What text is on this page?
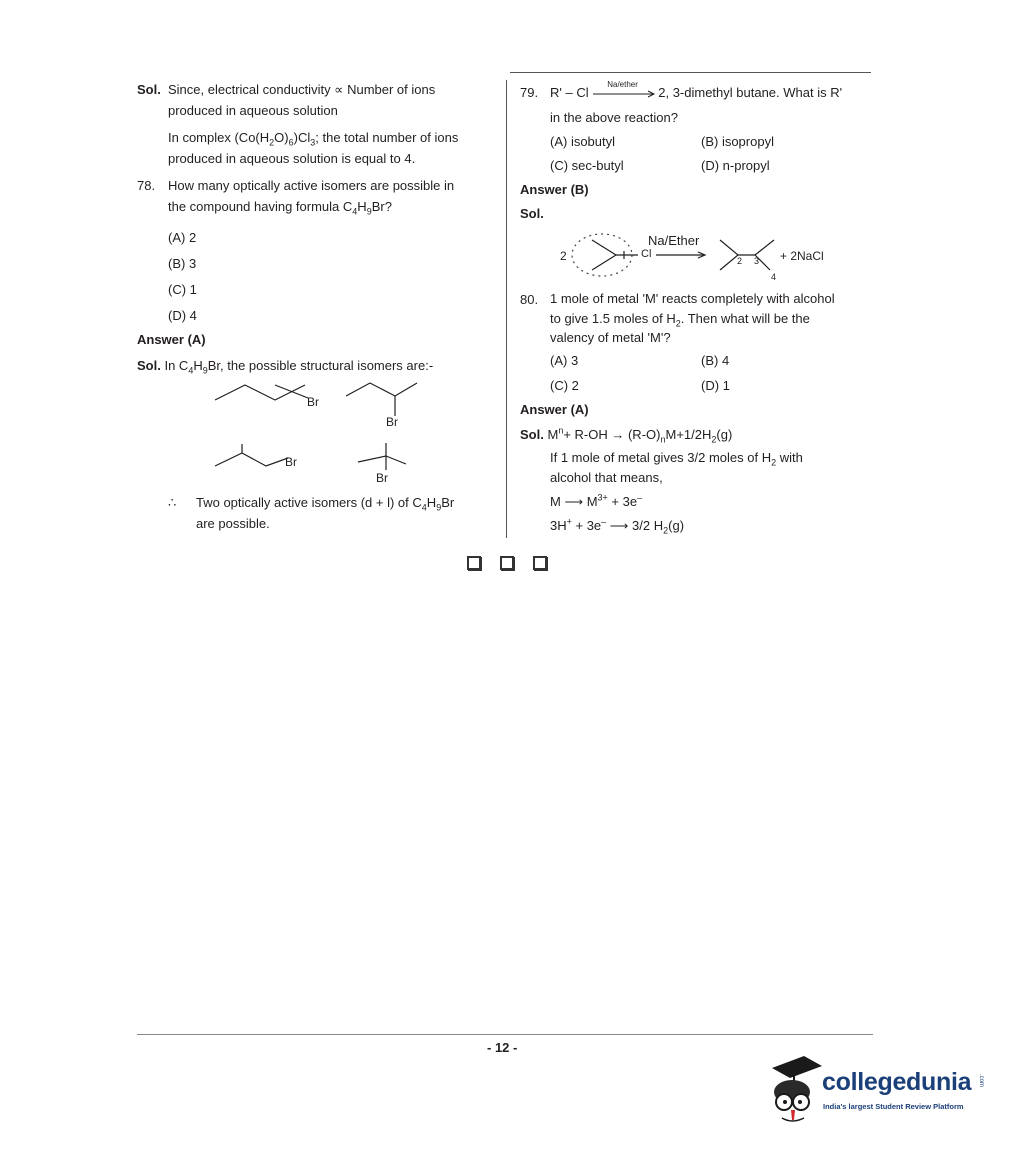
Sol. Since, electrical conductivity ∝ Number of ions
produced in aqueous solution
In complex $(Co(H_2O)_6)Cl_3$; the total number of ions
produced in aqueous solution is equal to 4.
78. How many optically active isomers are possible in
the compound having formula $C_4H_9Br$?
(A) 2
(B) 3
(C) 1
(D) 4
Answer (A)
Sol. In $C_4H_9Br$, the possible structural isomers are:-
Br
Br
Br
Br
∴ Two optically active isomers (d + l) of $C_4H_9Br$
are possible.
79. R' – Cl
Na/ether
2, 3-dimethyl butane. What is R'
in the above reaction?
(A) isobutyl	(B) isopropyl
(C) sec-butyl	(D) n-propyl
Answer (B)
Sol.
2	Cl
Na/Ether
2 3
4
+ 2NaCl
80. 1 mole of metal 'M' reacts completely with alcohol
to give 1.5 moles of $H_2$. Then what will be the
valency of metal 'M'?
(A) 3	(B) 4
(C) 2	(D) 1
Answer (A)
Sol. $M^n+ R-OH \to (R-O)_nM+1/2H_2(g)$
If 1 mole of metal gives 3/2 moles of $H_2$ with
alcohol that means,
M ⟶ $M^{3+} + 3e^-$
3H+ + 3e– ⟶ 3/2 $H_2(g)$
- 12 -
collegedunia .com
India's largest Student Review Platform
